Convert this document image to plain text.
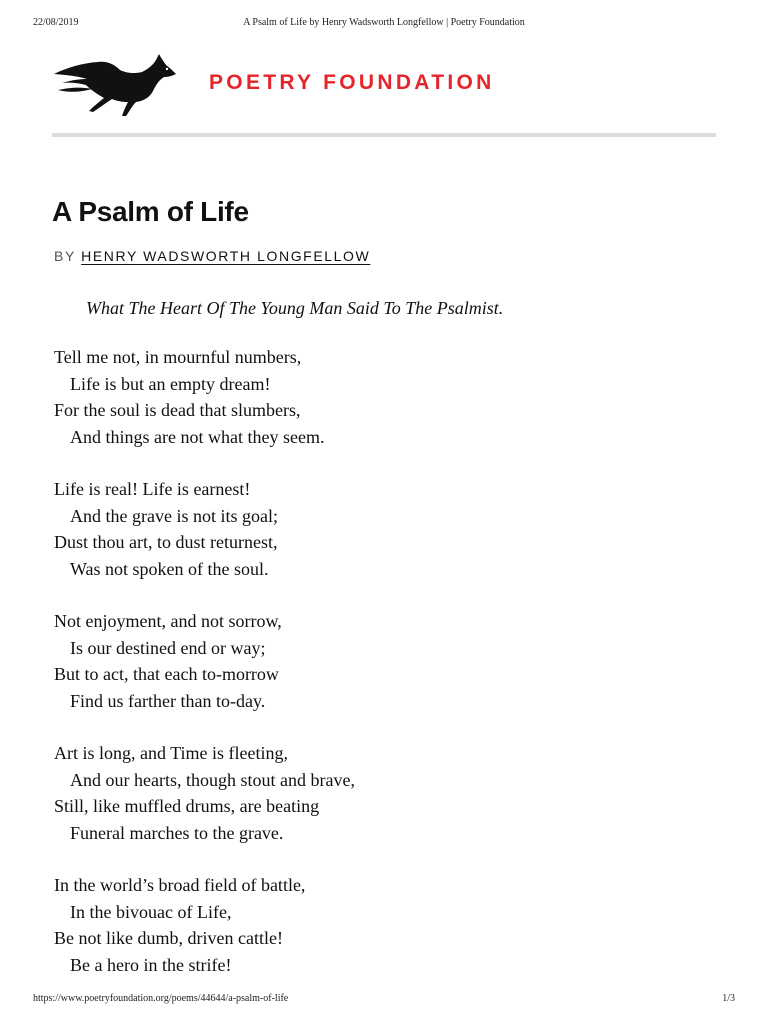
22/08/2019	A Psalm of Life by Henry Wadsworth Longfellow | Poetry Foundation
POETRY FOUNDATION
A Psalm of Life
BY HENRY WADSWORTH LONGFELLOW
What The Heart Of The Young Man Said To The Psalmist.
Tell me not, in mournful numbers,
Life is but an empty dream!
For the soul is dead that slumbers,
And things are not what they seem.
Life is real! Life is earnest!
And the grave is not its goal;
Dust thou art, to dust returnest,
Was not spoken of the soul.
Not enjoyment, and not sorrow,
Is our destined end or way;
But to act, that each to-morrow
Find us farther than to-day.
Art is long, and Time is fleeting,
And our hearts, though stout and brave,
Still, like muffled drums, are beating
Funeral marches to the grave.
In the world’s broad field of battle,
In the bivouac of Life,
Be not like dumb, driven cattle!
Be a hero in the strife!
https://www.poetryfoundation.org/poems/44644/a-psalm-of-life	1/3
